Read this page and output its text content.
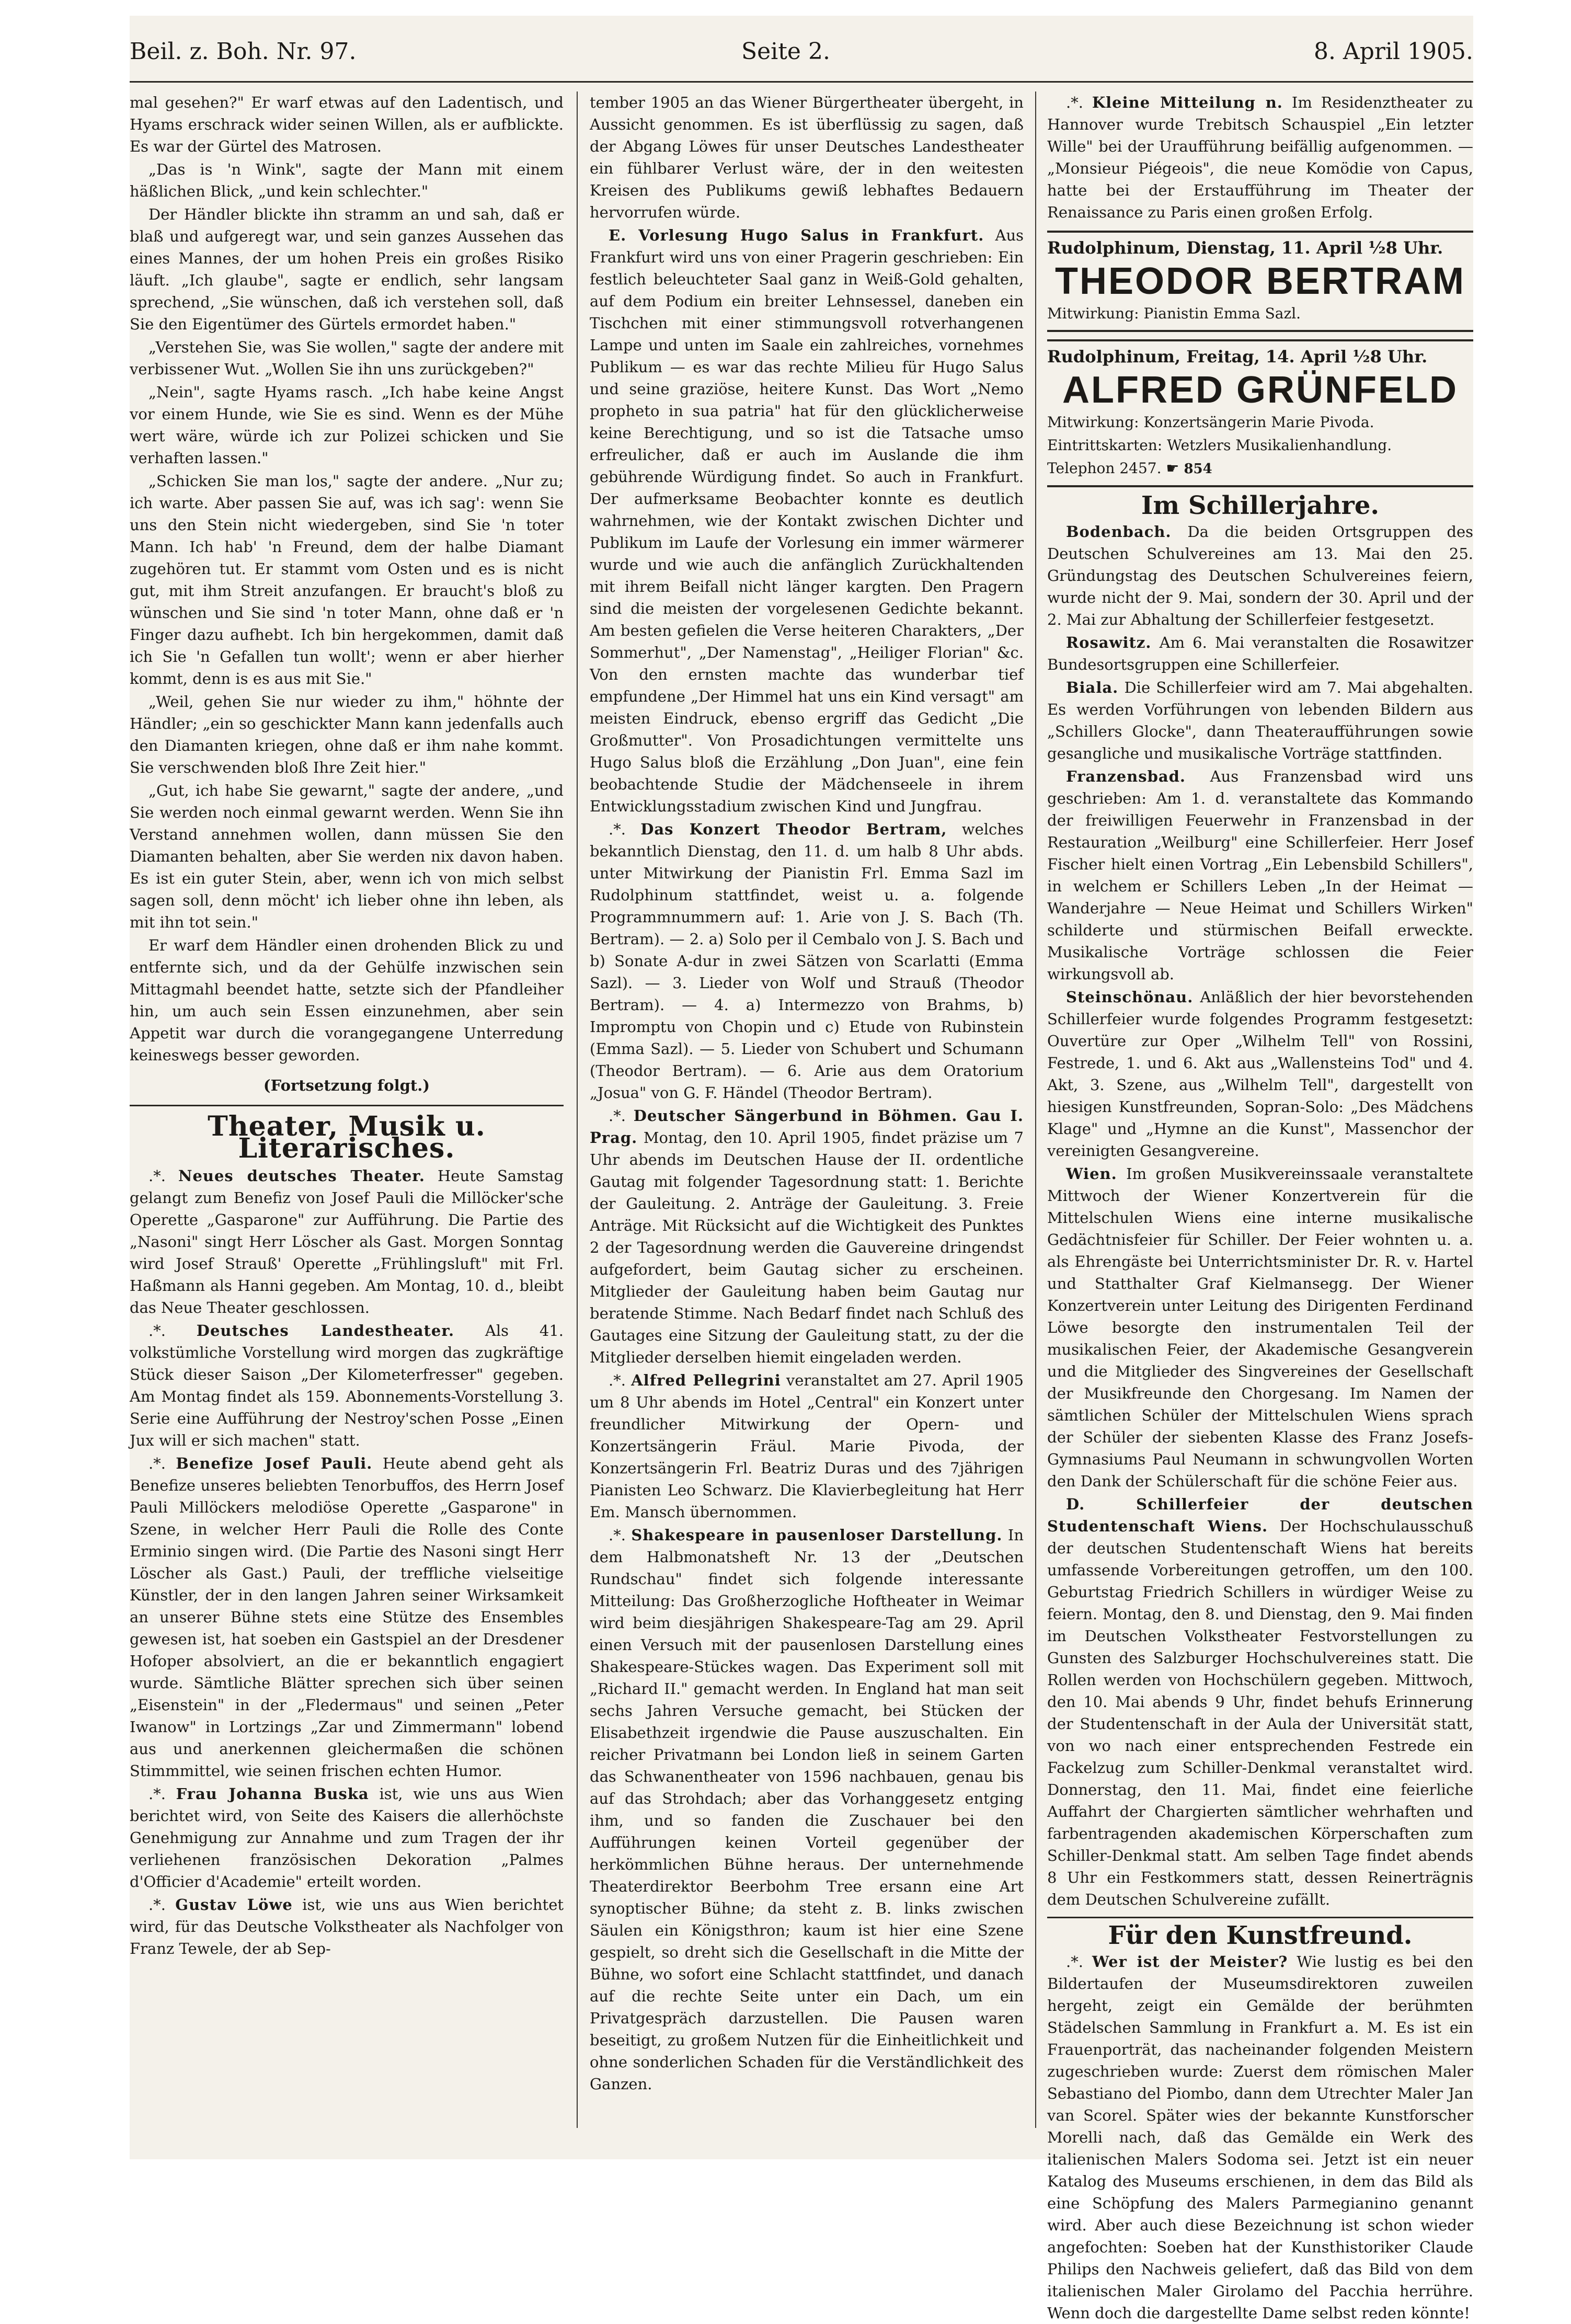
Beil. z. Boh. Nr. 97.	Seite 2.	8. April 1905.

mal gesehen?" Er warf etwas auf den Ladentisch, und Hyams erschrack wider seinen Willen, als er aufblickte. Es war der Gürtel des Matrosen.

„Das is 'n Wink", sagte der Mann mit einem häßlichen Blick, „und kein schlechter."

Der Händler blickte ihn stramm an und sah, daß er blaß und aufgeregt war, und sein ganzes Aussehen das eines Mannes, der um hohen Preis ein großes Risiko läuft. „Ich glaube", sagte er endlich, sehr langsam sprechend, „Sie wünschen, daß ich verstehen soll, daß Sie den Eigentümer des Gürtels ermordet haben."

„Verstehen Sie, was Sie wollen," sagte der andere mit verbissener Wut. „Wollen Sie ihn uns zurückgeben?"

„Nein", sagte Hyams rasch. „Ich habe keine Angst vor einem Hunde, wie Sie es sind. Wenn es der Mühe wert wäre, würde ich zur Polizei schicken und Sie verhaften lassen."

„Schicken Sie man los," sagte der andere. „Nur zu; ich warte. Aber passen Sie auf, was ich sag': wenn Sie uns den Stein nicht wiedergeben, sind Sie 'n toter Mann. Ich hab' 'n Freund, dem der halbe Diamant zugehören tut. Er stammt vom Osten und es is nicht gut, mit ihm Streit anzufangen. Er braucht's bloß zu wünschen und Sie sind 'n toter Mann, ohne daß er 'n Finger dazu aufhebt. Ich bin hergekommen, damit daß ich Sie 'n Gefallen tun wollt'; wenn er aber hierher kommt, denn is es aus mit Sie."

„Weil, gehen Sie nur wieder zu ihm," höhnte der Händler; „ein so geschickter Mann kann jedenfalls auch den Diamanten kriegen, ohne daß er ihm nahe kommt. Sie verschwenden bloß Ihre Zeit hier."

„Gut, ich habe Sie gewarnt," sagte der andere, „und Sie werden noch einmal gewarnt werden. Wenn Sie ihn Verstand annehmen wollen, dann müssen Sie den Diamanten behalten, aber Sie werden nix davon haben. Es ist ein guter Stein, aber, wenn ich von mich selbst sagen soll, denn möcht' ich lieber ohne ihn leben, als mit ihn tot sein."

Er warf dem Händler einen drohenden Blick zu und entfernte sich, und da der Gehülfe inzwischen sein Mittagmahl beendet hatte, setzte sich der Pfandleiher hin, um auch sein Essen einzunehmen, aber sein Appetit war durch die vorangegangene Unterredung keineswegs besser geworden.

(Fortsetzung folgt.)

Theater, Musik u. Literarisches.

.*. Neues deutsches Theater. Heute Samstag gelangt zum Benefiz von Josef Pauli die Millöcker'sche Operette „Gasparone" zur Aufführung. Die Partie des „Nasoni" singt Herr Löscher als Gast. Morgen Sonntag wird Josef Strauß' Operette „Frühlingsluft" mit Frl. Haßmann als Hanni gegeben. Am Montag, 10. d., bleibt das Neue Theater geschlossen.

.*. Deutsches Landestheater. Als 41. volkstümliche Vorstellung wird morgen das zugkräftige Stück dieser Saison „Der Kilometerfresser" gegeben. Am Montag findet als 159. Abonnements-Vorstellung 3. Serie eine Aufführung der Nestroy'schen Posse „Einen Jux will er sich machen" statt.

.*. Benefize Josef Pauli. Heute abend geht als Benefize unseres beliebten Tenorbuffos, des Herrn Josef Pauli Millöckers melodiöse Operette „Gasparone" in Szene, in welcher Herr Pauli die Rolle des Conte Erminio singen wird. (Die Partie des Nasoni singt Herr Löscher als Gast.) Pauli, der treffliche vielseitige Künstler, der in den langen Jahren seiner Wirksamkeit an unserer Bühne stets eine Stütze des Ensembles gewesen ist, hat soeben ein Gastspiel an der Dresdener Hofoper absolviert, an die er bekanntlich engagiert wurde. Sämtliche Blätter sprechen sich über seinen „Eisenstein" in der „Fledermaus" und seinen „Peter Iwanow" in Lortzings „Zar und Zimmermann" lobend aus und anerkennen gleichermaßen die schönen Stimmmittel, wie seinen frischen echten Humor.

.*. Frau Johanna Buska ist, wie uns aus Wien berichtet wird, von Seite des Kaisers die allerhöchste Genehmigung zur Annahme und zum Tragen der ihr verliehenen französischen Dekoration „Palmes d'Officier d'Academie" erteilt worden.

.*. Gustav Löwe ist, wie uns aus Wien berichtet wird, für das Deutsche Volkstheater als Nachfolger von Franz Tewele, der ab Sep-

tember 1905 an das Wiener Bürgertheater übergeht, in Aussicht genommen. Es ist überflüssig zu sagen, daß der Abgang Löwes für unser Deutsches Landestheater ein fühlbarer Verlust wäre, der in den weitesten Kreisen des Publikums gewiß lebhaftes Bedauern hervorrufen würde.

E. Vorlesung Hugo Salus in Frankfurt. Aus Frankfurt wird uns von einer Pragerin geschrieben: Ein festlich beleuchteter Saal ganz in Weiß-Gold gehalten, auf dem Podium ein breiter Lehnsessel, daneben ein Tischchen mit einer stimmungsvoll rotverhangenen Lampe und unten im Saale ein zahlreiches, vornehmes Publikum — es war das rechte Milieu für Hugo Salus und seine graziöse, heitere Kunst. Das Wort „Nemo propheto in sua patria" hat für den glücklicherweise keine Berechtigung, und so ist die Tatsache umso erfreulicher, daß er auch im Auslande die ihm gebührende Würdigung findet. So auch in Frankfurt. Der aufmerksame Beobachter konnte es deutlich wahrnehmen, wie der Kontakt zwischen Dichter und Publikum im Laufe der Vorlesung ein immer wärmerer wurde und wie auch die anfänglich Zurückhaltenden mit ihrem Beifall nicht länger kargten. Den Pragern sind die meisten der vorgelesenen Gedichte bekannt. Am besten gefielen die Verse heiteren Charakters, „Der Sommerhut", „Der Namenstag", „Heiliger Florian" &c. Von den ernsten machte das wunderbar tief empfundene „Der Himmel hat uns ein Kind versagt" am meisten Eindruck, ebenso ergriff das Gedicht „Die Großmutter". Von Prosadichtungen vermittelte uns Hugo Salus bloß die Erzählung „Don Juan", eine fein beobachtende Studie der Mädchenseele in ihrem Entwicklungsstadium zwischen Kind und Jungfrau.

.*. Das Konzert Theodor Bertram, welches bekanntlich Dienstag, den 11. d. um halb 8 Uhr abds. unter Mitwirkung der Pianistin Frl. Emma Sazl im Rudolphinum stattfindet, weist u. a. folgende Programmnummern auf: 1. Arie von J. S. Bach (Th. Bertram). — 2. a) Solo per il Cembalo von J. S. Bach und b) Sonate A-dur in zwei Sätzen von Scarlatti (Emma Sazl). — 3. Lieder von Wolf und Strauß (Theodor Bertram). — 4. a) Intermezzo von Brahms, b) Impromptu von Chopin und c) Etude von Rubinstein (Emma Sazl). — 5. Lieder von Schubert und Schumann (Theodor Bertram). — 6. Arie aus dem Oratorium „Josua" von G. F. Händel (Theodor Bertram).

.*. Deutscher Sängerbund in Böhmen. Gau I. Prag. Montag, den 10. April 1905, findet präzise um 7 Uhr abends im Deutschen Hause der II. ordentliche Gautag mit folgender Tagesordnung statt: 1. Berichte der Gauleitung. 2. Anträge der Gauleitung. 3. Freie Anträge. Mit Rücksicht auf die Wichtigkeit des Punktes 2 der Tagesordnung werden die Gauvereine dringendst aufgefordert, beim Gautag sicher zu erscheinen. Mitglieder der Gauleitung haben beim Gautag nur beratende Stimme. Nach Bedarf findet nach Schluß des Gautages eine Sitzung der Gauleitung statt, zu der die Mitglieder derselben hiemit eingeladen werden.

.*. Alfred Pellegrini veranstaltet am 27. April 1905 um 8 Uhr abends im Hotel „Central" ein Konzert unter freundlicher Mitwirkung der Opern- und Konzertsängerin Fräul. Marie Pivoda, der Konzertsängerin Frl. Beatriz Duras und des 7jährigen Pianisten Leo Schwarz. Die Klavierbegleitung hat Herr Em. Mansch übernommen.

.*. Shakespeare in pausenloser Darstellung. In dem Halbmonatsheft Nr. 13 der „Deutschen Rundschau" findet sich folgende interessante Mitteilung: Das Großherzogliche Hoftheater in Weimar wird beim diesjährigen Shakespeare-Tag am 29. April einen Versuch mit der pausenlosen Darstellung eines Shakespeare-Stückes wagen. Das Experiment soll mit „Richard II." gemacht werden. In England hat man seit sechs Jahren Versuche gemacht, bei Stücken der Elisabethzeit irgendwie die Pause auszuschalten. Ein reicher Privatmann bei London ließ in seinem Garten das Schwanentheater von 1596 nachbauen, genau bis auf das Strohdach; aber das Vorhanggesetz entging ihm, und so fanden die Zuschauer bei den Aufführungen keinen Vorteil gegenüber der herkömmlichen Bühne heraus. Der unternehmende Theaterdirektor Beerbohm Tree ersann eine Art synoptischer Bühne; da steht z. B. links zwischen Säulen ein Königsthron; kaum ist hier eine Szene gespielt, so dreht sich die Gesellschaft in die Mitte der Bühne, wo sofort eine Schlacht stattfindet, und danach auf die rechte Seite unter ein Dach, um ein Privatgespräch darzustellen. Die Pausen waren beseitigt, zu großem Nutzen für die Einheitlichkeit und ohne sonderlichen Schaden für die Verständlichkeit des Ganzen.

.*. Kleine Mitteilung n. Im Residenztheater zu Hannover wurde Trebitsch Schauspiel „Ein letzter Wille" bei der Uraufführung beifällig aufgenommen. — „Monsieur Piégeois", die neue Komödie von Capus, hatte bei der Erstaufführung im Theater der Renaissance zu Paris einen großen Erfolg.

Rudolphinum, Dienstag, 11. April ½8 Uhr.

THEODOR BERTRAM

Mitwirkung: Pianistin Emma Sazl.

Rudolphinum, Freitag, 14. April ½8 Uhr.

ALFRED GRÜNFELD

Mitwirkung: Konzertsängerin Marie Pivoda.

Eintrittskarten: Wetzlers Musikalienhandlung.

Telephon 2457. ☛ 854

Im Schillerjahre.

Bodenbach. Da die beiden Ortsgruppen des Deutschen Schulvereines am 13. Mai den 25. Gründungstag des Deutschen Schulvereines feiern, wurde nicht der 9. Mai, sondern der 30. April und der 2. Mai zur Abhaltung der Schillerfeier festgesetzt.

Rosawitz. Am 6. Mai veranstalten die Rosawitzer Bundesortsgruppen eine Schillerfeier.

Biala. Die Schillerfeier wird am 7. Mai abgehalten. Es werden Vorführungen von lebenden Bildern aus „Schillers Glocke", dann Theateraufführungen sowie gesangliche und musikalische Vorträge stattfinden.

Franzensbad. Aus Franzensbad wird uns geschrieben: Am 1. d. veranstaltete das Kommando der freiwilligen Feuerwehr in Franzensbad in der Restauration „Weilburg" eine Schillerfeier. Herr Josef Fischer hielt einen Vortrag „Ein Lebensbild Schillers", in welchem er Schillers Leben „In der Heimat — Wanderjahre — Neue Heimat und Schillers Wirken" schilderte und stürmischen Beifall erweckte. Musikalische Vorträge schlossen die Feier wirkungsvoll ab.

Steinschönau. Anläßlich der hier bevorstehenden Schillerfeier wurde folgendes Programm festgesetzt: Ouvertüre zur Oper „Wilhelm Tell" von Rossini, Festrede, 1. und 6. Akt aus „Wallensteins Tod" und 4. Akt, 3. Szene, aus „Wilhelm Tell", dargestellt von hiesigen Kunstfreunden, Sopran-Solo: „Des Mädchens Klage" und „Hymne an die Kunst", Massenchor der vereinigten Gesangvereine.

Wien. Im großen Musikvereinssaale veranstaltete Mittwoch der Wiener Konzertverein für die Mittelschulen Wiens eine interne musikalische Gedächtnisfeier für Schiller. Der Feier wohnten u. a. als Ehrengäste bei Unterrichtsminister Dr. R. v. Hartel und Statthalter Graf Kielmansegg. Der Wiener Konzertverein unter Leitung des Dirigenten Ferdinand Löwe besorgte den instrumentalen Teil der musikalischen Feier, der Akademische Gesangverein und die Mitglieder des Singvereines der Gesellschaft der Musikfreunde den Chorgesang. Im Namen der sämtlichen Schüler der Mittelschulen Wiens sprach der Schüler der siebenten Klasse des Franz Josefs-Gymnasiums Paul Neumann in schwungvollen Worten den Dank der Schülerschaft für die schöne Feier aus.

D. Schillerfeier der deutschen Studentenschaft Wiens. Der Hochschulausschuß der deutschen Studentenschaft Wiens hat bereits umfassende Vorbereitungen getroffen, um den 100. Geburtstag Friedrich Schillers in würdiger Weise zu feiern. Montag, den 8. und Dienstag, den 9. Mai finden im Deutschen Volkstheater Festvorstellungen zu Gunsten des Salzburger Hochschulvereines statt. Die Rollen werden von Hochschülern gegeben. Mittwoch, den 10. Mai abends 9 Uhr, findet behufs Erinnerung der Studentenschaft in der Aula der Universität statt, von wo nach einer entsprechenden Festrede ein Fackelzug zum Schiller-Denkmal veranstaltet wird. Donnerstag, den 11. Mai, findet eine feierliche Auffahrt der Chargierten sämtlicher wehrhaften und farbentragenden akademischen Körperschaften zum Schiller-Denkmal statt. Am selben Tage findet abends 8 Uhr ein Festkommers statt, dessen Reinerträgnis dem Deutschen Schulvereine zufällt.

Für den Kunstfreund.

.*. Wer ist der Meister? Wie lustig es bei den Bildertaufen der Museumsdirektoren zuweilen hergeht, zeigt ein Gemälde der berühmten Städelschen Sammlung in Frankfurt a. M. Es ist ein Frauenporträt, das nacheinander folgenden Meistern zugeschrieben wurde: Zuerst dem römischen Maler Sebastiano del Piombo, dann dem Utrechter Maler Jan van Scorel. Später wies der bekannte Kunstforscher Morelli nach, daß das Gemälde ein Werk des italienischen Malers Sodoma sei. Jetzt ist ein neuer Katalog des Museums erschienen, in dem das Bild als eine Schöpfung des Malers Parmegianino genannt wird. Aber auch diese Bezeichnung ist schon wieder angefochten: Soeben hat der Kunsthistoriker Claude Philips den Nachweis geliefert, daß das Bild von dem italienischen Maler Girolamo del Pacchia herrühre. Wenn doch die dargestellte Dame selbst reden könnte!
